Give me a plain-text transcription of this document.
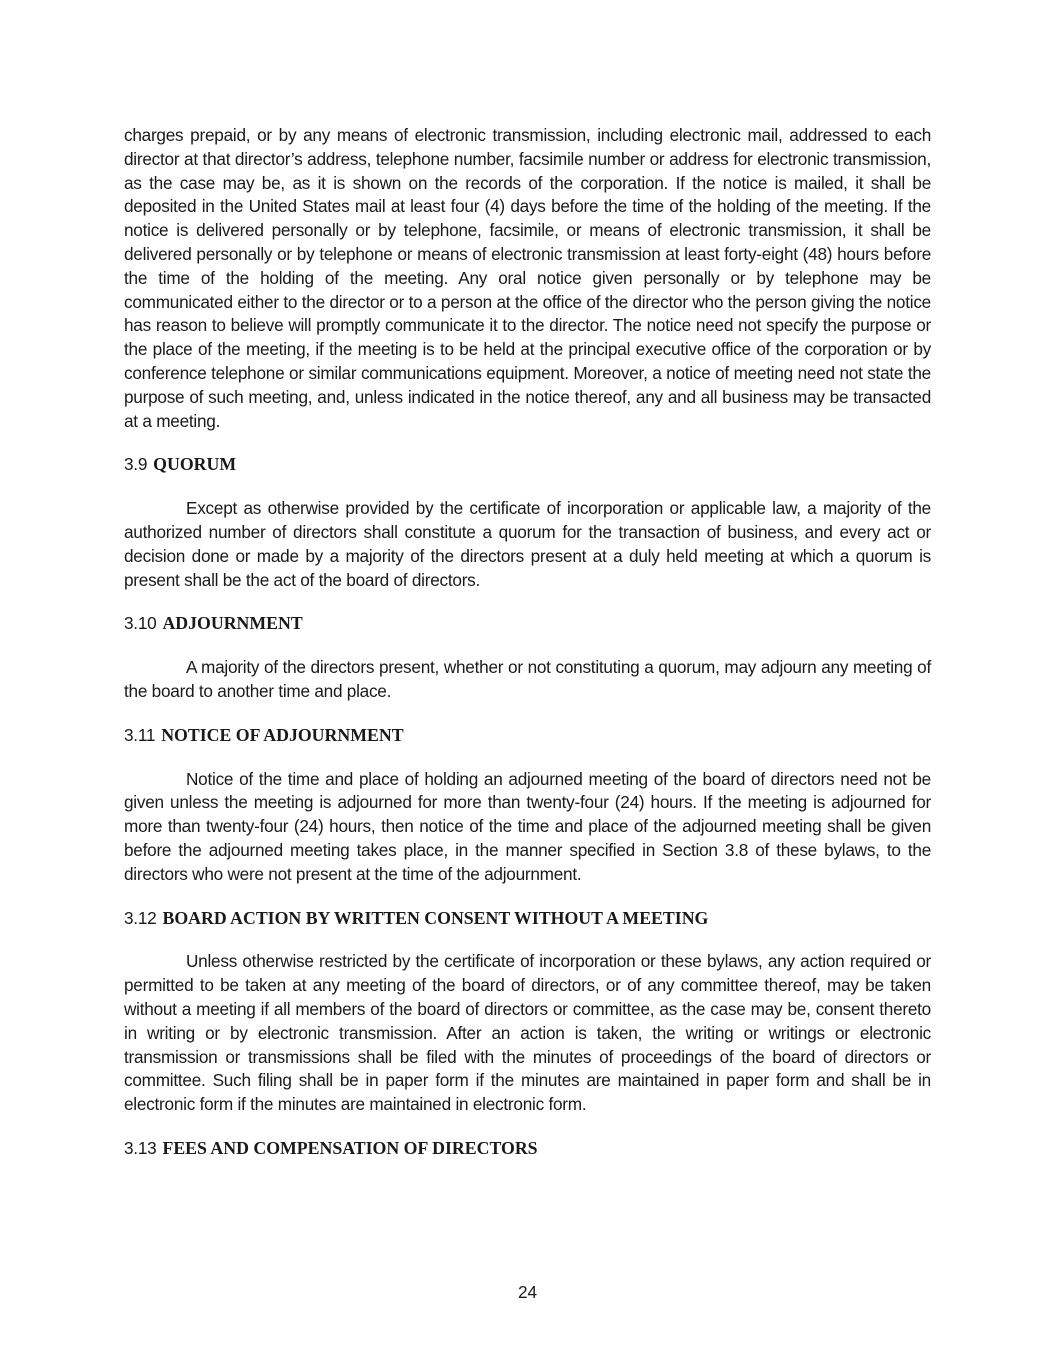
charges prepaid, or by any means of electronic transmission, including electronic mail, addressed to each director at that director’s address, telephone number, facsimile number or address for electronic transmission, as the case may be, as it is shown on the records of the corporation. If the notice is mailed, it shall be deposited in the United States mail at least four (4) days before the time of the holding of the meeting. If the notice is delivered personally or by telephone, facsimile, or means of electronic transmission, it shall be delivered personally or by telephone or means of electronic transmission at least forty-eight (48) hours before the time of the holding of the meeting. Any oral notice given personally or by telephone may be communicated either to the director or to a person at the office of the director who the person giving the notice has reason to believe will promptly communicate it to the director. The notice need not specify the purpose or the place of the meeting, if the meeting is to be held at the principal executive office of the corporation or by conference telephone or similar communications equipment. Moreover, a notice of meeting need not state the purpose of such meeting, and, unless indicated in the notice thereof, any and all business may be transacted at a meeting.

3.9 QUORUM

Except as otherwise provided by the certificate of incorporation or applicable law, a majority of the authorized number of directors shall constitute a quorum for the transaction of business, and every act or decision done or made by a majority of the directors present at a duly held meeting at which a quorum is present shall be the act of the board of directors.

3.10 ADJOURNMENT

A majority of the directors present, whether or not constituting a quorum, may adjourn any meeting of the board to another time and place.

3.11 NOTICE OF ADJOURNMENT

Notice of the time and place of holding an adjourned meeting of the board of directors need not be given unless the meeting is adjourned for more than twenty-four (24) hours. If the meeting is adjourned for more than twenty-four (24) hours, then notice of the time and place of the adjourned meeting shall be given before the adjourned meeting takes place, in the manner specified in Section 3.8 of these bylaws, to the directors who were not present at the time of the adjournment.

3.12 BOARD ACTION BY WRITTEN CONSENT WITHOUT A MEETING

Unless otherwise restricted by the certificate of incorporation or these bylaws, any action required or permitted to be taken at any meeting of the board of directors, or of any committee thereof, may be taken without a meeting if all members of the board of directors or committee, as the case may be, consent thereto in writing or by electronic transmission. After an action is taken, the writing or writings or electronic transmission or transmissions shall be filed with the minutes of proceedings of the board of directors or committee. Such filing shall be in paper form if the minutes are maintained in paper form and shall be in electronic form if the minutes are maintained in electronic form.

3.13 FEES AND COMPENSATION OF DIRECTORS
24
